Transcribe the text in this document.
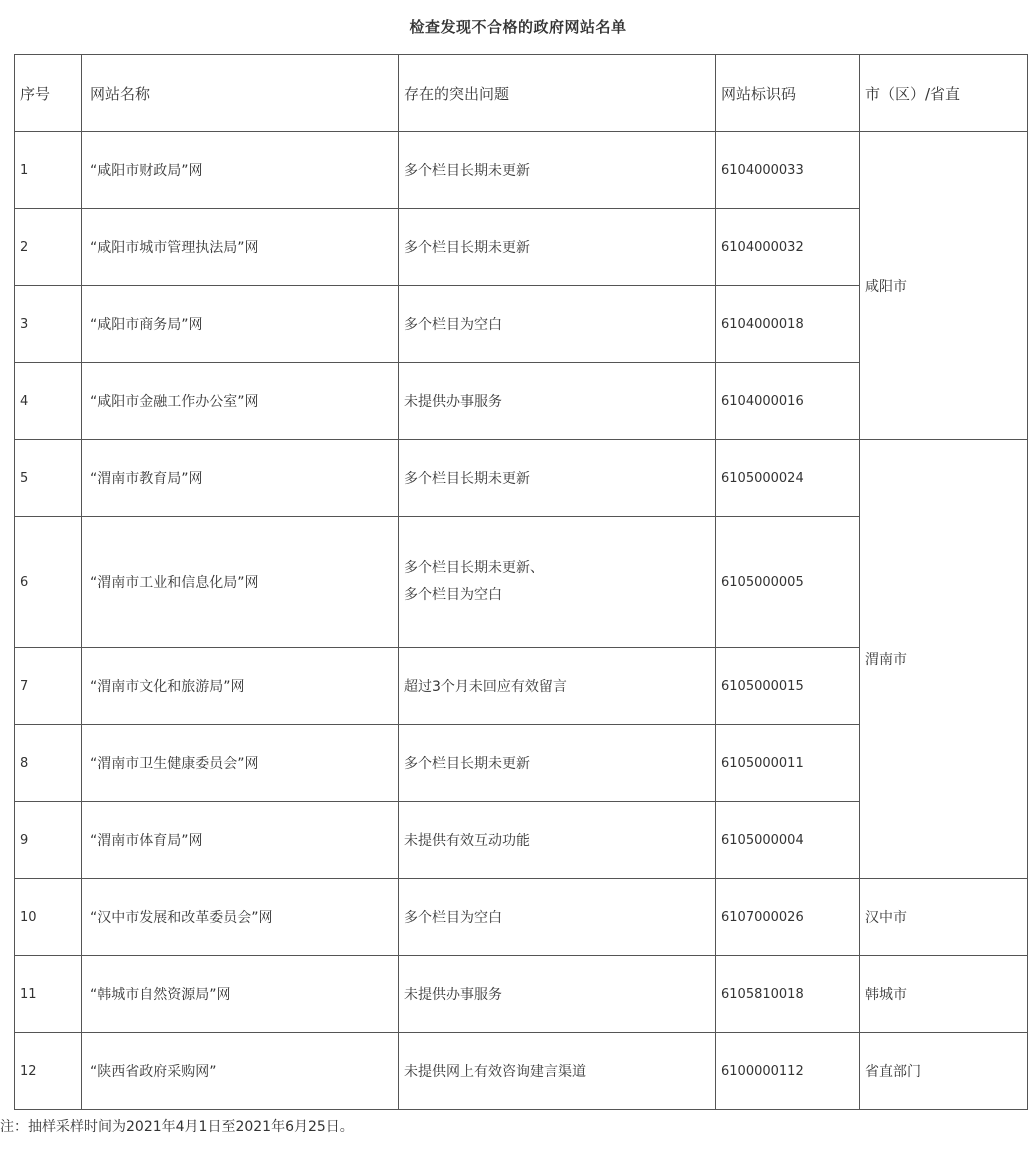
检查发现不合格的政府网站名单
序号	网站名称	存在的突出问题	网站标识码	市（区）/省直
1	“咸阳市财政局”网	多个栏目长期未更新	6104000033	咸阳市
2	“咸阳市城市管理执法局”网	多个栏目长期未更新	6104000032	
3	“咸阳市商务局”网	多个栏目为空白	6104000018	
4	“咸阳市金融工作办公室”网	未提供办事服务	6104000016	
5	“渭南市教育局”网	多个栏目长期未更新	6105000024	渭南市
6	“渭南市工业和信息化局”网	多个栏目长期未更新、
多个栏目为空白	6105000005	
7	“渭南市文化和旅游局”网	超过3个月未回应有效留言	6105000015	
8	“渭南市卫生健康委员会”网	多个栏目长期未更新	6105000011	
9	“渭南市体育局”网	未提供有效互动功能	6105000004	
10	“汉中市发展和改革委员会”网	多个栏目为空白	6107000026	汉中市
11	“韩城市自然资源局”网	未提供办事服务	6105810018	韩城市
12	“陕西省政府采购网”	未提供网上有效咨询建言渠道	6100000112	省直部门
注：抽样采样时间为2021年4月1日至2021年6月25日。
